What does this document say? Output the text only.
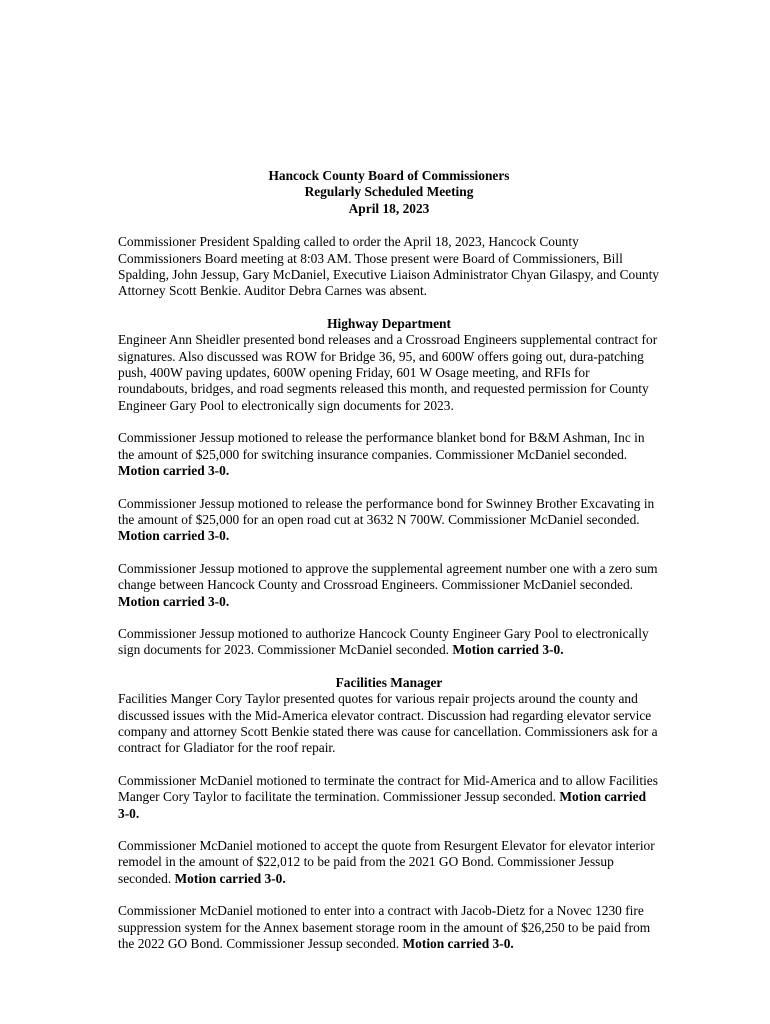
Hancock County Board of Commissioners
Regularly Scheduled Meeting
April 18, 2023

Commissioner President Spalding called to order the April 18, 2023, Hancock County Commissioners Board meeting at 8:03 AM. Those present were Board of Commissioners, Bill Spalding, John Jessup, Gary McDaniel, Executive Liaison Administrator Chyan Gilaspy, and County Attorney Scott Benkie. Auditor Debra Carnes was absent.

Highway Department

Engineer Ann Sheidler presented bond releases and a Crossroad Engineers supplemental contract for signatures. Also discussed was ROW for Bridge 36, 95, and 600W offers going out, dura-patching push, 400W paving updates, 600W opening Friday, 601 W Osage meeting, and RFIs for roundabouts, bridges, and road segments released this month, and requested permission for County Engineer Gary Pool to electronically sign documents for 2023.

Commissioner Jessup motioned to release the performance blanket bond for B&M Ashman, Inc in the amount of $25,000 for switching insurance companies. Commissioner McDaniel seconded. Motion carried 3-0.

Commissioner Jessup motioned to release the performance bond for Swinney Brother Excavating in the amount of $25,000 for an open road cut at 3632 N 700W. Commissioner McDaniel seconded. Motion carried 3-0.

Commissioner Jessup motioned to approve the supplemental agreement number one with a zero sum change between Hancock County and Crossroad Engineers. Commissioner McDaniel seconded. Motion carried 3-0.

Commissioner Jessup motioned to authorize Hancock County Engineer Gary Pool to electronically sign documents for 2023. Commissioner McDaniel seconded. Motion carried 3-0.

Facilities Manager

Facilities Manger Cory Taylor presented quotes for various repair projects around the county and discussed issues with the Mid-America elevator contract. Discussion had regarding elevator service company and attorney Scott Benkie stated there was cause for cancellation. Commissioners ask for a contract for Gladiator for the roof repair.

Commissioner McDaniel motioned to terminate the contract for Mid-America and to allow Facilities Manger Cory Taylor to facilitate the termination. Commissioner Jessup seconded. Motion carried 3-0.

Commissioner McDaniel motioned to accept the quote from Resurgent Elevator for elevator interior remodel in the amount of $22,012 to be paid from the 2021 GO Bond. Commissioner Jessup seconded. Motion carried 3-0.

Commissioner McDaniel motioned to enter into a contract with Jacob-Dietz for a Novec 1230 fire suppression system for the Annex basement storage room in the amount of $26,250 to be paid from the 2022 GO Bond. Commissioner Jessup seconded. Motion carried 3-0.
